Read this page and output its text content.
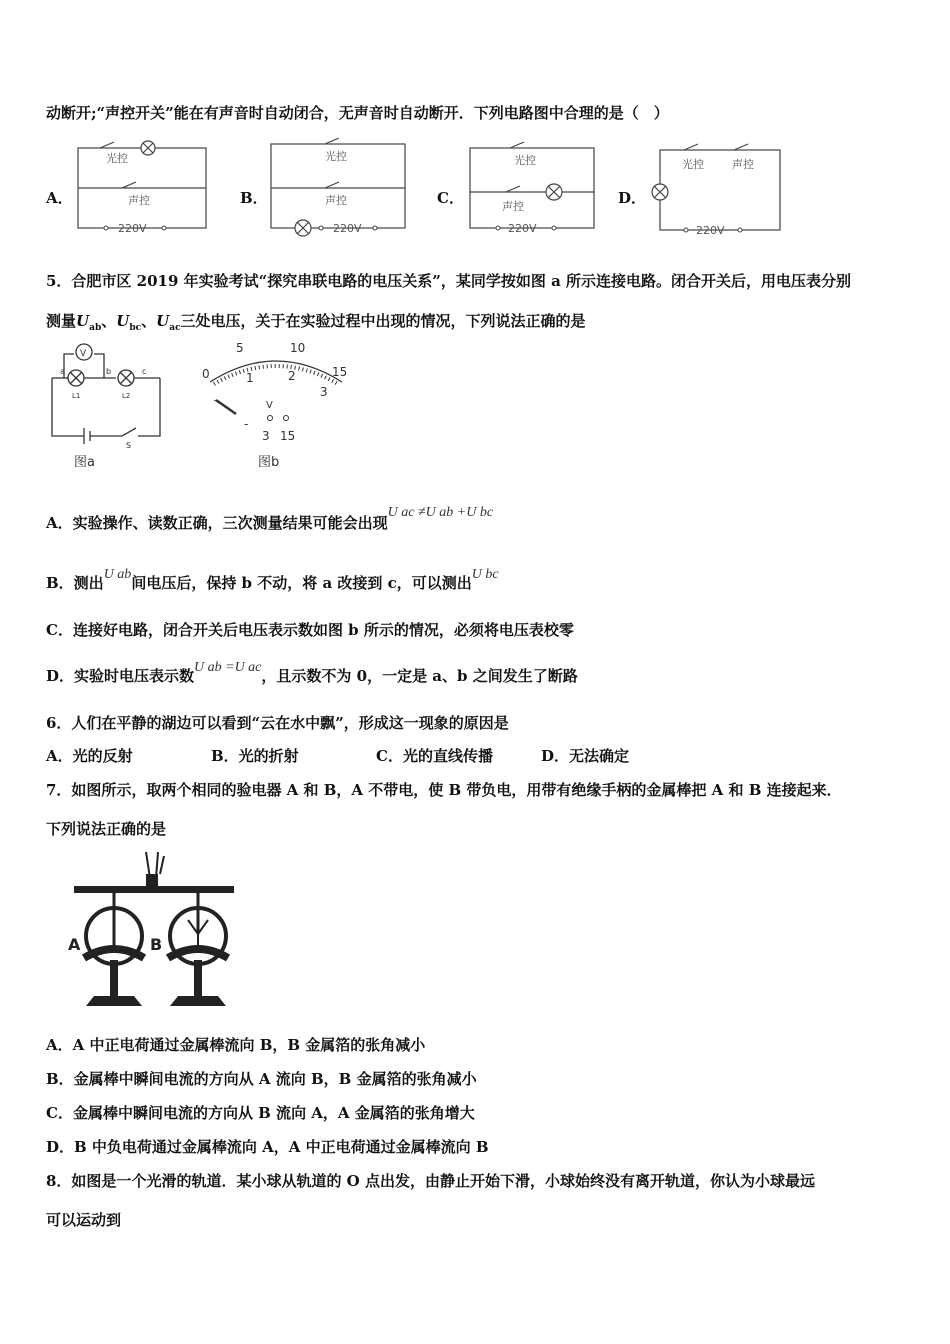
动断开;“声控开关”能在有声音时自动闭合，无声音时自动断开．下列电路图中合理的是（　）
A．	B．	C．	D．
光控
声控
220V
光控
声控
220V
光控
声控
220V
光控	声控
220V
5．合肥市区 2019 年实验考试“探究串联电路的电压关系”，某同学按如图 a 所示连接电路。闭合开关后，用电压表分别
测量$U_{ab}$、$U_{bc}$、$U_{ac}$三处电压，关于在实验过程中出现的情况，下列说法正确的是
V
a	b	c
L1	L2
S
图a
0
5	10
15
1	2
3
V
-
3 15
图b
A．实验操作、读数正确，三次测量结果可能会出现U ac ≠U ab +U bc
B．测出U ab间电压后，保持 b 不动，将 a 改接到 c，可以测出U bc
C．连接好电路，闭合开关后电压表示数如图 b 所示的情况，必须将电压表校零
D．实验时电压表示数U ab =U ac，且示数不为 0，一定是 a、b 之间发生了断路
6．人们在平静的湖边可以看到“云在水中飘”，形成这一现象的原因是
A．光的反射	B．光的折射	C．光的直线传播	D．无法确定
7．如图所示，取两个相同的验电器 A 和 B，A 不带电，使 B 带负电，用带有绝缘手柄的金属棒把 A 和 B 连接起来．
下列说法正确的是
A	B
A．A 中正电荷通过金属棒流向 B，B 金属箔的张角减小
B．金属棒中瞬间电流的方向从 A 流向 B，B 金属箔的张角减小
C．金属棒中瞬间电流的方向从 B 流向 A，A 金属箔的张角增大
D．B 中负电荷通过金属棒流向 A，A 中正电荷通过金属棒流向 B
8．如图是一个光滑的轨道．某小球从轨道的 O 点出发，由静止开始下滑，小球始终没有离开轨道，你认为小球最远
可以运动到
